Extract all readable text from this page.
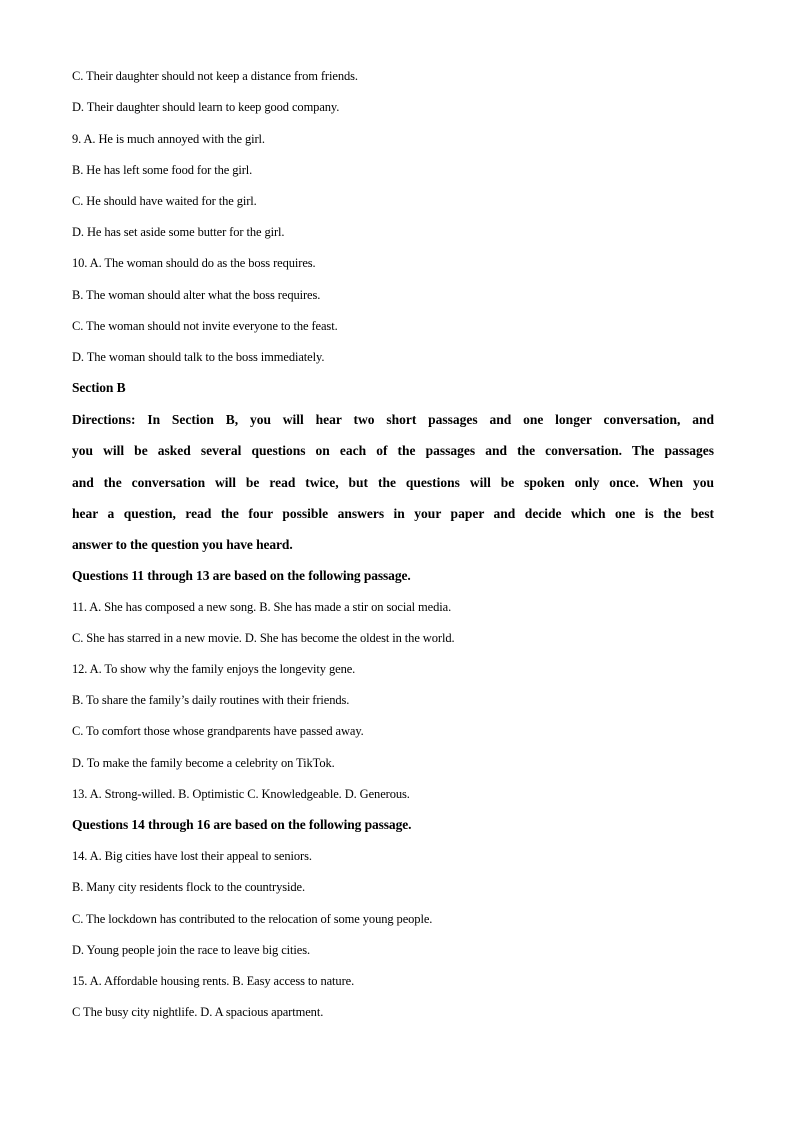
C. Their daughter should not keep a distance from friends.
D. Their daughter should learn to keep good company.
9. A. He is much annoyed with the girl.
B. He has left some food for the girl.
C. He should have waited for the girl.
D. He has set aside some butter for the girl.
10. A. The woman should do as the boss requires.
B. The woman should alter what the boss requires.
C. The woman should not invite everyone to the feast.
D. The woman should talk to the boss immediately.
Section B
Directions: In Section B, you will hear two short passages and one longer conversation, and
you will be asked several questions on each of the passages and the conversation. The passages
and the conversation will be read twice, but the questions will be spoken only once. When you
hear a question, read the four possible answers in your paper and decide which one is the best
answer to the question you have heard.
Questions 11 through 13 are based on the following passage.
11. A. She has composed a new song. B. She has made a stir on social media.
C. She has starred in a new movie. D. She has become the oldest in the world.
12. A. To show why the family enjoys the longevity gene.
B. To share the family’s daily routines with their friends.
C. To comfort those whose grandparents have passed away.
D. To make the family become a celebrity on TikTok.
13. A. Strong-willed. B. Optimistic C. Knowledgeable. D. Generous.
Questions 14 through 16 are based on the following passage.
14. A. Big cities have lost their appeal to seniors.
B. Many city residents flock to the countryside.
C. The lockdown has contributed to the relocation of some young people.
D. Young people join the race to leave big cities.
15. A. Affordable housing rents. B. Easy access to nature.
C The busy city nightlife. D. A spacious apartment.
